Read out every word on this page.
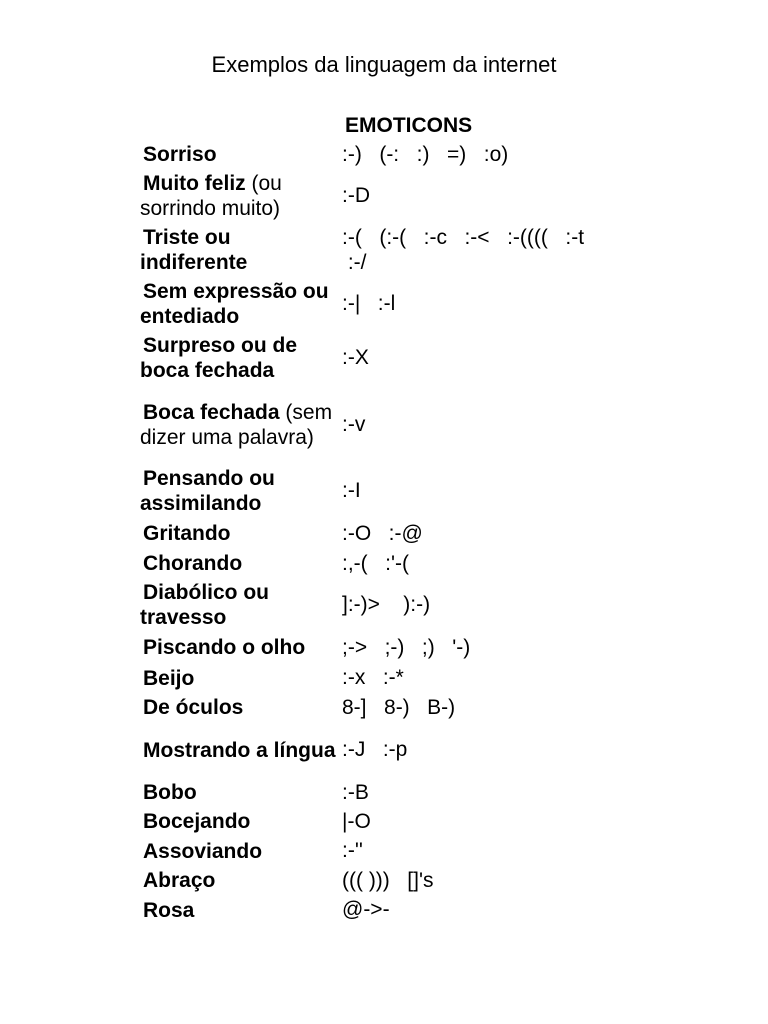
Exemplos da linguagem da internet
EMOTICONS
Sorriso	:-)   (-:   :)   =)   :o)
Muito feliz (ou sorrindo muito)	:-D
Triste ou indiferente	:-(   (:-(   :-c   :-<   :-((((   :-t
:-/
Sem expressão ou entediado	:-|   :-l
Surpreso ou de boca fechada	:-X
Boca fechada (sem dizer uma palavra)	:-v
Pensando ou assimilando	:-I
Gritando	:-O   :-@
Chorando	:,-(   :'-(
Diabólico ou travesso	]:-)>    ):-)
Piscando o olho	;->   ;-)   ;)   '-)
Beijo	:-x   :-*
De óculos	8-]   8-)   B-)
Mostrando a língua	:-J   :-p
Bobo	:-B
Bocejando	|-O
Assoviando	:-''
Abraço	((( )))   []'s
Rosa	@->-
